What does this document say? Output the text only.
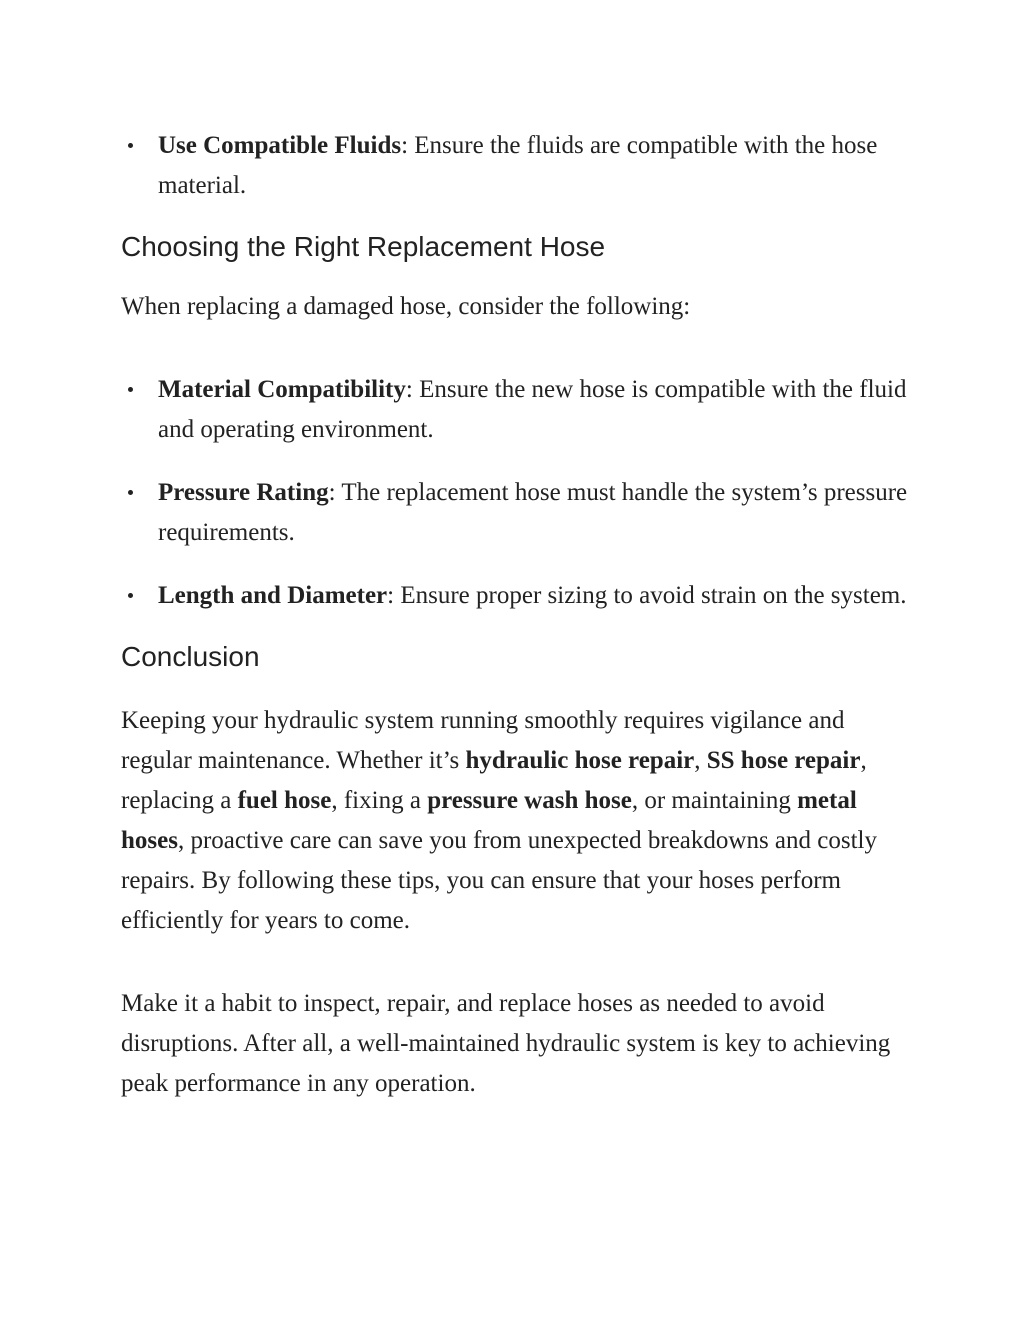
Use Compatible Fluids: Ensure the fluids are compatible with the hose material.
Choosing the Right Replacement Hose

When replacing a damaged hose, consider the following:

Material Compatibility: Ensure the new hose is compatible with the fluid and operating environment.
Pressure Rating: The replacement hose must handle the system’s pressure requirements.
Length and Diameter: Ensure proper sizing to avoid strain on the system.
Conclusion

Keeping your hydraulic system running smoothly requires vigilance and regular maintenance. Whether it’s hydraulic hose repair, SS hose repair, replacing a fuel hose, fixing a pressure wash hose, or maintaining metal hoses, proactive care can save you from unexpected breakdowns and costly repairs. By following these tips, you can ensure that your hoses perform efficiently for years to come.

Make it a habit to inspect, repair, and replace hoses as needed to avoid disruptions. After all, a well-maintained hydraulic system is key to achieving peak performance in any operation.
